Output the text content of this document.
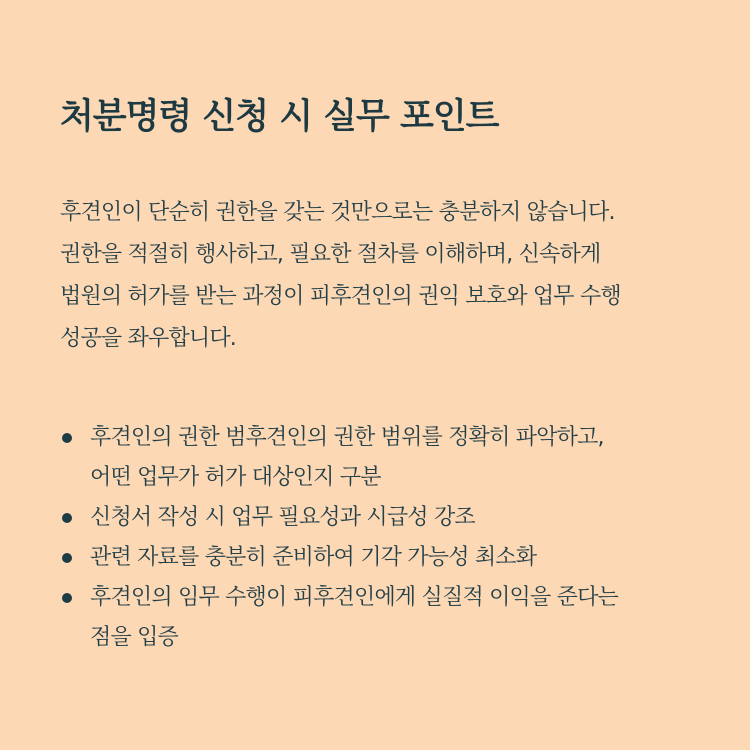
처분명령 신청 시 실무 포인트

후견인이 단순히 권한을 갖는 것만으로는 충분하지 않습니다.
권한을 적절히 행사하고, 필요한 절차를 이해하며, 신속하게
법원의 허가를 받는 과정이 피후견인의 권익 보호와 업무 수행
성공을 좌우합니다.

후견인의 권한 범후견인의 권한 범위를 정확히 파악하고,
어떤 업무가 허가 대상인지 구분
신청서 작성 시 업무 필요성과 시급성 강조
관련 자료를 충분히 준비하여 기각 가능성 최소화
후견인의 임무 수행이 피후견인에게 실질적 이익을 준다는
점을 입증
